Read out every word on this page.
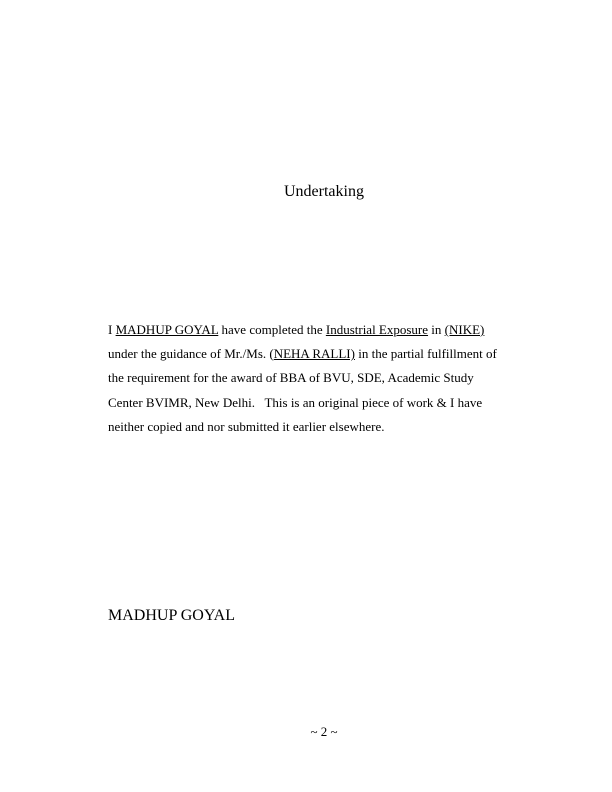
Undertaking
I MADHUP GOYAL have completed the Industrial Exposure in (NIKE)
under the guidance of Mr./Ms. (NEHA RALLI) in the partial fulfillment of
the requirement for the award of BBA of BVU, SDE, Academic Study
Center BVIMR, New Delhi.   This is an original piece of work & I have
neither copied and nor submitted it earlier elsewhere.
MADHUP GOYAL
~ 2 ~
